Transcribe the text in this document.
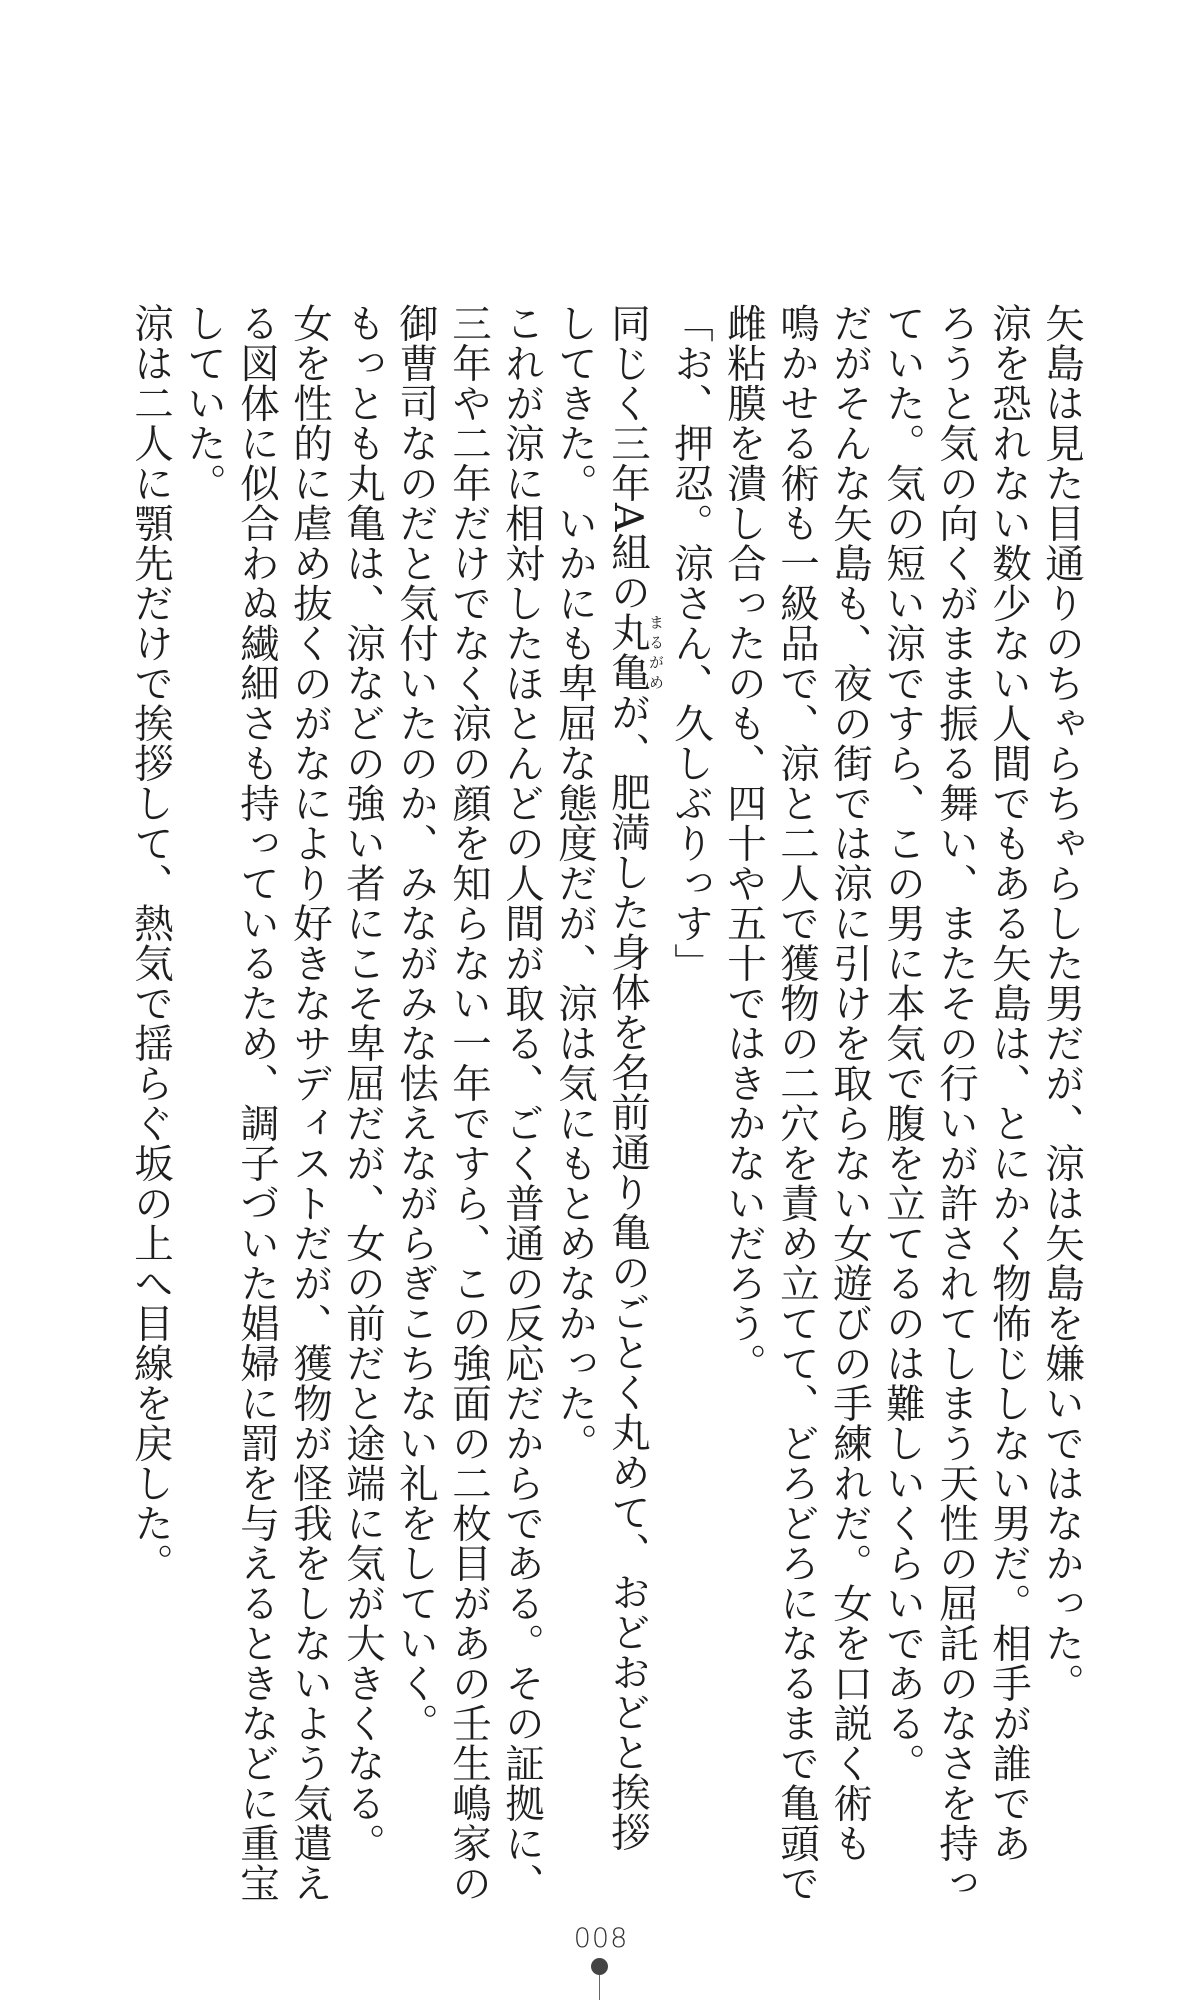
矢島は見た目通りのちゃらちゃらした男だが、涼は矢島を嫌いではなかった。
涼を恐れない数少ない人間でもある矢島は、とにかく物怖じしない男だ。相手が誰であ
ろうと気の向くがまま振る舞い、またその行いが許されてしまう天性の屈託のなさを持っ
ていた。気の短い涼ですら、この男に本気で腹を立てるのは難しいくらいである。
だがそんな矢島も、夜の街では涼に引けを取らない女遊びの手練れだ。女を口説く術も
鳴かせる術も一級品で、涼と二人で獲物の二穴を責め立てて、どろどろになるまで亀頭で
雌粘膜を潰し合ったのも、四十や五十ではきかないだろう。
「お、押忍。涼さん、久しぶりっす」
同じく三年A組の丸亀まるがめが、肥満した身体を名前通り亀のごとく丸めて、おどおどと挨拶
してきた。いかにも卑屈な態度だが、涼は気にもとめなかった。
これが涼に相対したほとんどの人間が取る、ごく普通の反応だからである。その証拠に、
三年や二年だけでなく涼の顔を知らない一年ですら、この強面の二枚目があの壬生嶋家の
御曹司なのだと気付いたのか、みながみな怯えながらぎこちない礼をしていく。
もっとも丸亀は、涼などの強い者にこそ卑屈だが、女の前だと途端に気が大きくなる。
女を性的に虐め抜くのがなにより好きなサディストだが、獲物が怪我をしないよう気遣え
る図体に似合わぬ繊細さも持っているため、調子づいた娼婦に罰を与えるときなどに重宝
していた。
涼は二人に顎先だけで挨拶して、熱気で揺らぐ坂の上へ目線を戻した。
008
